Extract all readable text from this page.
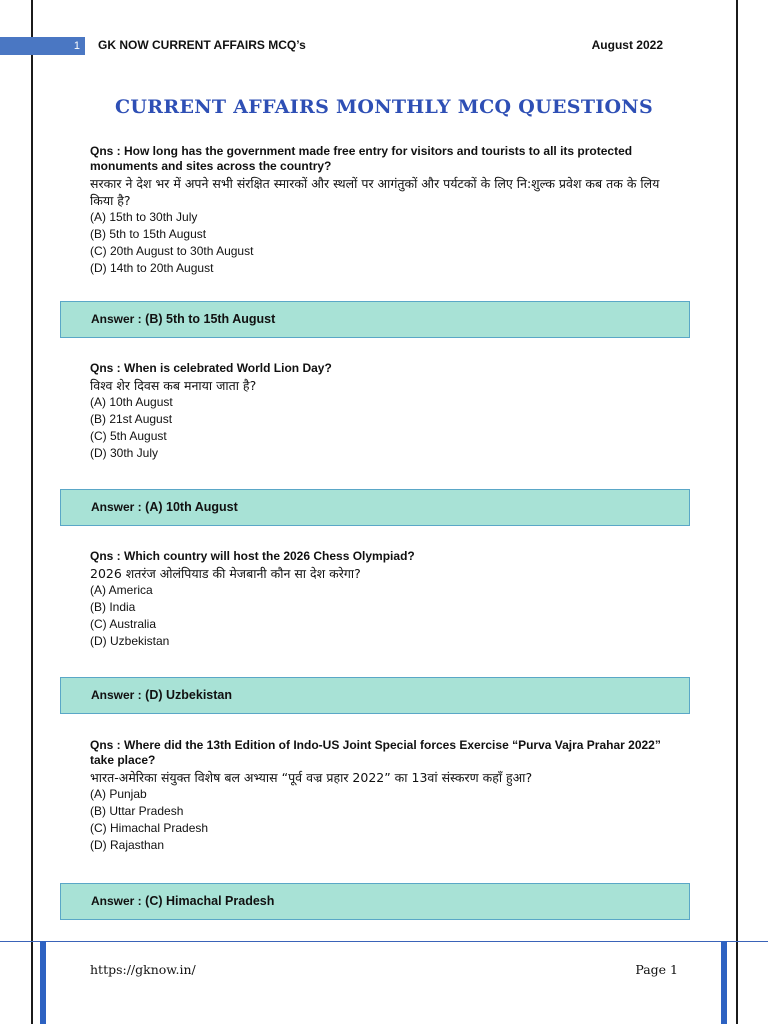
1	GK NOW CURRENT AFFAIRS MCQ’s	August 2022
CURRENT AFFAIRS MONTHLY MCQ QUESTIONS
Qns : How long has the government made free entry for visitors and tourists to all its protected monuments and sites across the country?
सरकार ने देश भर में अपने सभी संरक्षित स्मारकों और स्थलों पर आगंतुकों और पर्यटकों के लिए नि:शुल्क प्रवेश कब तक के लिय किया है?
(A) 15th to 30th July
(B) 5th to 15th August
(C) 20th August to 30th August
(D) 14th to 20th August
Answer : (B) 5th to 15th August
Qns : When is celebrated World Lion Day?
विश्व शेर दिवस कब मनाया जाता है?
(A) 10th August
(B) 21st August
(C) 5th August
(D) 30th July
Answer : (A) 10th August
Qns : Which country will host the 2026 Chess Olympiad?
2026 शतरंज ओलंपियाड की मेजबानी कौन सा देश करेगा?
(A) America
(B) India
(C) Australia
(D) Uzbekistan
Answer : (D) Uzbekistan
Qns : Where did the 13th Edition of Indo-US Joint Special forces Exercise “Purva Vajra Prahar 2022” take place?
भारत-अमेरिका संयुक्त विशेष बल अभ्यास “पूर्व वज्र प्रहार 2022” का 13वां संस्करण कहाँ हुआ?
(A) Punjab
(B) Uttar Pradesh
(C) Himachal Pradesh
(D) Rajasthan
Answer : (C) Himachal Pradesh
https://gknow.in/	Page 1
